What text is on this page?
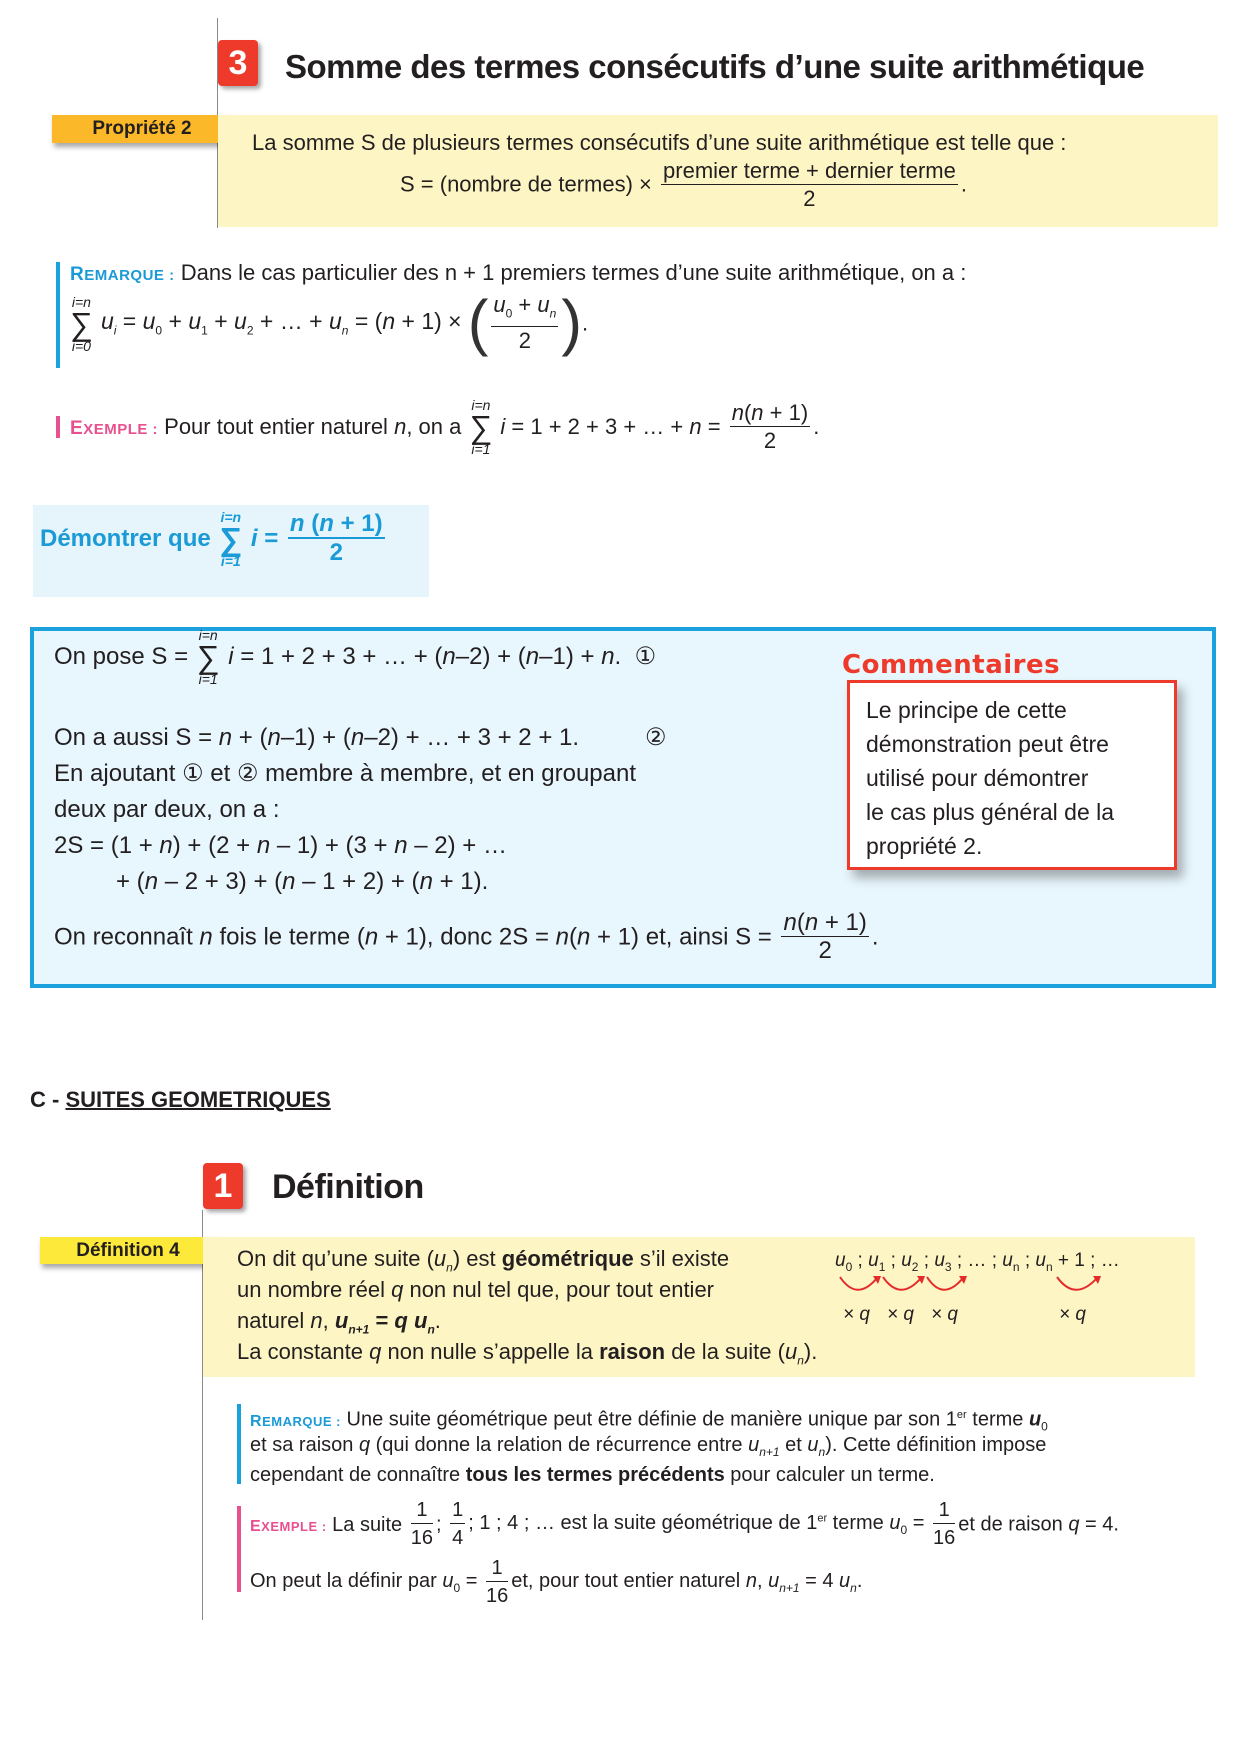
3	Somme des termes consécutifs d’une suite arithmétique
Propriété 2
La somme S de plusieurs termes consécutifs d’une suite arithmétique est telle que :
S = (nombre de termes) × $\frac{\text{premier terme + dernier terme}}{2}$ .
REMARQUE : Dans le cas particulier des n + 1 premiers termes d’une suite arithmétique, on a :
i=n
∑
i=0
$u_i = u_0 + u_1 + u_2$ + … + $u_n = (n + 1)$ × ( $\frac{u_0 + u_n}{2}$ ).
EXEMPLE : Pour tout entier naturel n, on a
i=n
∑
i=1
i = 1 + 2 + 3 + … + $n = \frac{n(n + 1)}{2}$ .
Démontrer que
i=n
∑
i=1
$i = \frac{n (n + 1)}{2}$
On pose S =
i=n
∑
i=1
i = 1 + 2 + 3 + … + (n–2) + (n–1) + n.  ①
On a aussi S = n + (n–1) + (n–2) + … + 3 + 2 + 1.	②
En ajoutant ① et ② membre à membre, et en groupant
deux par deux, on a :
2S = (1 + n) + (2 + n – 1) + (3 + n – 2) + …
+ (n – 2 + 3) + (n – 1 + 2) + (n + 1).
On reconnaît n fois le terme (n + 1), donc 2S = n(n + 1) et, ainsi $S = \frac{n(n + 1)}{2}$ .
Commentaires
Le principe de cette
démonstration peut être
utilisé pour démontrer
le cas plus général de la
propriété 2.
C - SUITES GEOMETRIQUES
1	Définition
Définition 4	On dit qu’une suite $(u_n)$ est géométrique s’il existe
un nombre réel q non nul tel que, pour tout entier
naturel n, $u_{n+1} = q$ $u_n$.
La constante q non nulle s’appelle la raison de la suite $(u_n)$.
$u_0$ ; $u_1$ ; $u_2$ ; $u_3$ ; … ; $u_n$ ; $u_n + 1$ ; …
× q × q × q	× q
REMARQUE : Une suite géométrique peut être définie de manière unique par son 1er terme $u_0$
et sa raison q (qui donne la relation de récurrence entre $u_{n+1}$ et $u_n$). Cette définition impose
cependant de connaître tous les termes précédents pour calculer un terme.
EXEMPLE : La suite $\frac{1}{16}$ ; $\frac{1}{4}$ ; 1 ; 4 ; … est la suite géométrique de 1er terme $u_0 = \frac{1}{16}$ et de raison q = 4.
On peut la définir par $u_0 = \frac{1}{16}$ et, pour tout entier naturel n, $u_{n+1} = 4$ $u_n$.
